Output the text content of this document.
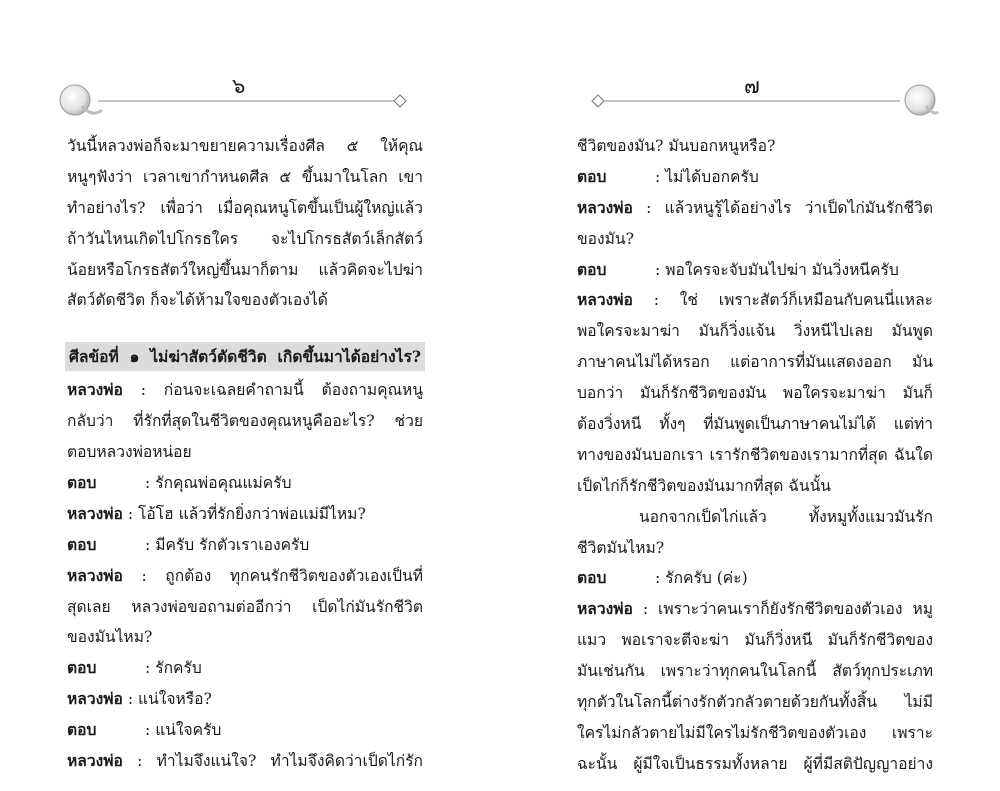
๖
วันนี้หลวงพ่อก็จะมาขยายความเรื่องศีล ๕ ให้คุณ
หนูๆฟังว่า เวลาเขากำหนดศีล ๕ ขึ้นมาในโลก เขา
ทำอย่างไร? เพื่อว่า เมื่อคุณหนูโตขึ้นเป็นผู้ใหญ่แล้ว
ถ้าวันไหนเกิดไปโกรธใคร จะไปโกรธสัตว์เล็กสัตว์
น้อยหรือโกรธสัตว์ใหญ่ขึ้นมาก็ตาม แล้วคิดจะไปฆ่า
สัตว์ตัดชีวิต ก็จะได้ห้ามใจของตัวเองได้
ศีลข้อที่ ๑ ไม่ฆ่าสัตว์ตัดชีวิต เกิดขึ้นมาได้อย่างไร?
หลวงพ่อ : ก่อนจะเฉลยคำถามนี้ ต้องถามคุณหนู
กลับว่า ที่รักที่สุดในชีวิตของคุณหนูคืออะไร? ช่วย
ตอบหลวงพ่อหน่อย
ตอบ	: รักคุณพ่อคุณแม่ครับ
หลวงพ่อ : โอ้โฮ แล้วที่รักยิ่งกว่าพ่อแม่มีไหม?
ตอบ	: มีครับ รักตัวเราเองครับ
หลวงพ่อ : ถูกต้อง ทุกคนรักชีวิตของตัวเองเป็นที่
สุดเลย หลวงพ่อขอถามต่ออีกว่า เป็ดไก่มันรักชีวิต
ของมันไหม?
ตอบ	: รักครับ
หลวงพ่อ : แน่ใจหรือ?
ตอบ	: แน่ใจครับ
หลวงพ่อ : ทำไมจึงแน่ใจ? ทำไมจึงคิดว่าเป็ดไก่รัก
๗
ชีวิตของมัน? มันบอกหนูหรือ?
ตอบ	: ไม่ได้บอกครับ
หลวงพ่อ : แล้วหนูรู้ได้อย่างไร ว่าเป็ดไก่มันรักชีวิต
ของมัน?
ตอบ	: พอใครจะจับมันไปฆ่า มันวิ่งหนีครับ
หลวงพ่อ : ใช่ เพราะสัตว์ก็เหมือนกับคนนี่แหละ
พอใครจะมาฆ่า มันก็วิ่งแจ้น วิ่งหนีไปเลย มันพูด
ภาษาคนไม่ได้หรอก แต่อาการที่มันแสดงออก มัน
บอกว่า มันก็รักชีวิตของมัน พอใครจะมาฆ่า มันก็
ต้องวิ่งหนี ทั้งๆ ที่มันพูดเป็นภาษาคนไม่ได้ แต่ท่า
ทางของมันบอกเรา เรารักชีวิตของเรามากที่สุด ฉันใด
เป็ดไก่ก็รักชีวิตของมันมากที่สุด ฉันนั้น
นอกจากเป็ดไก่แล้ว ทั้งหมูทั้งแมวมันรัก
ชีวิตมันไหม?
ตอบ	: รักครับ (ค่ะ)
หลวงพ่อ : เพราะว่าคนเราก็ยังรักชีวิตของตัวเอง หมู
แมว พอเราจะตีจะฆ่า มันก็วิ่งหนี มันก็รักชีวิตของ
มันเช่นกัน เพราะว่าทุกคนในโลกนี้ สัตว์ทุกประเภท
ทุกตัวในโลกนี้ต่างรักตัวกลัวตายด้วยกันทั้งสิ้น ไม่มี
ใครไม่กลัวตายไม่มีใครไม่รักชีวิตของตัวเอง เพราะ
ฉะนั้น ผู้มีใจเป็นธรรมทั้งหลาย ผู้ที่มีสติปัญญาอย่าง
